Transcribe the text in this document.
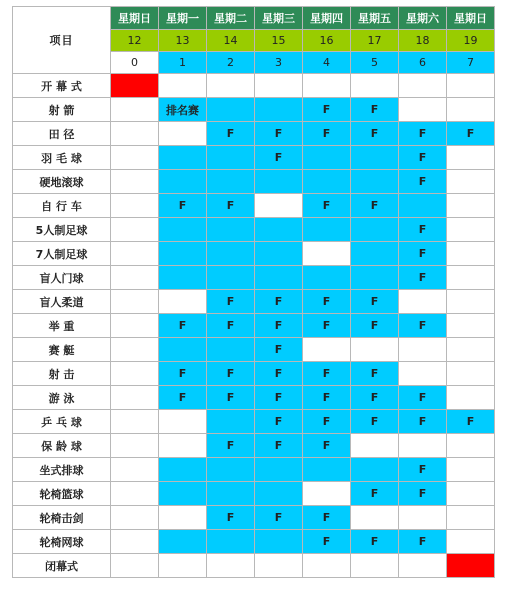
项目	星期日	星期一	星期二	星期三	星期四	星期五	星期六	星期日
	12	13	14	15	16	17	18	19
	0	1	2	3	4	5	6	7
开 幕 式								
射 箭		排名赛			F	F		
田 径			F	F	F	F	F	F
羽 毛 球				F			F	
硬地滚球							F	
自 行 车		F	F		F	F		
5人制足球							F	
7人制足球							F	
盲人门球							F	
盲人柔道			F	F	F	F		
举 重		F	F	F	F	F	F	
赛 艇				F				
射 击		F	F	F	F	F		
游 泳		F	F	F	F	F	F	
乒 乓 球				F	F	F	F	F
保 龄 球			F	F	F			
坐式排球							F	
轮椅篮球						F	F	
轮椅击剑			F	F	F			
轮椅网球					F	F	F	
闭幕式								
